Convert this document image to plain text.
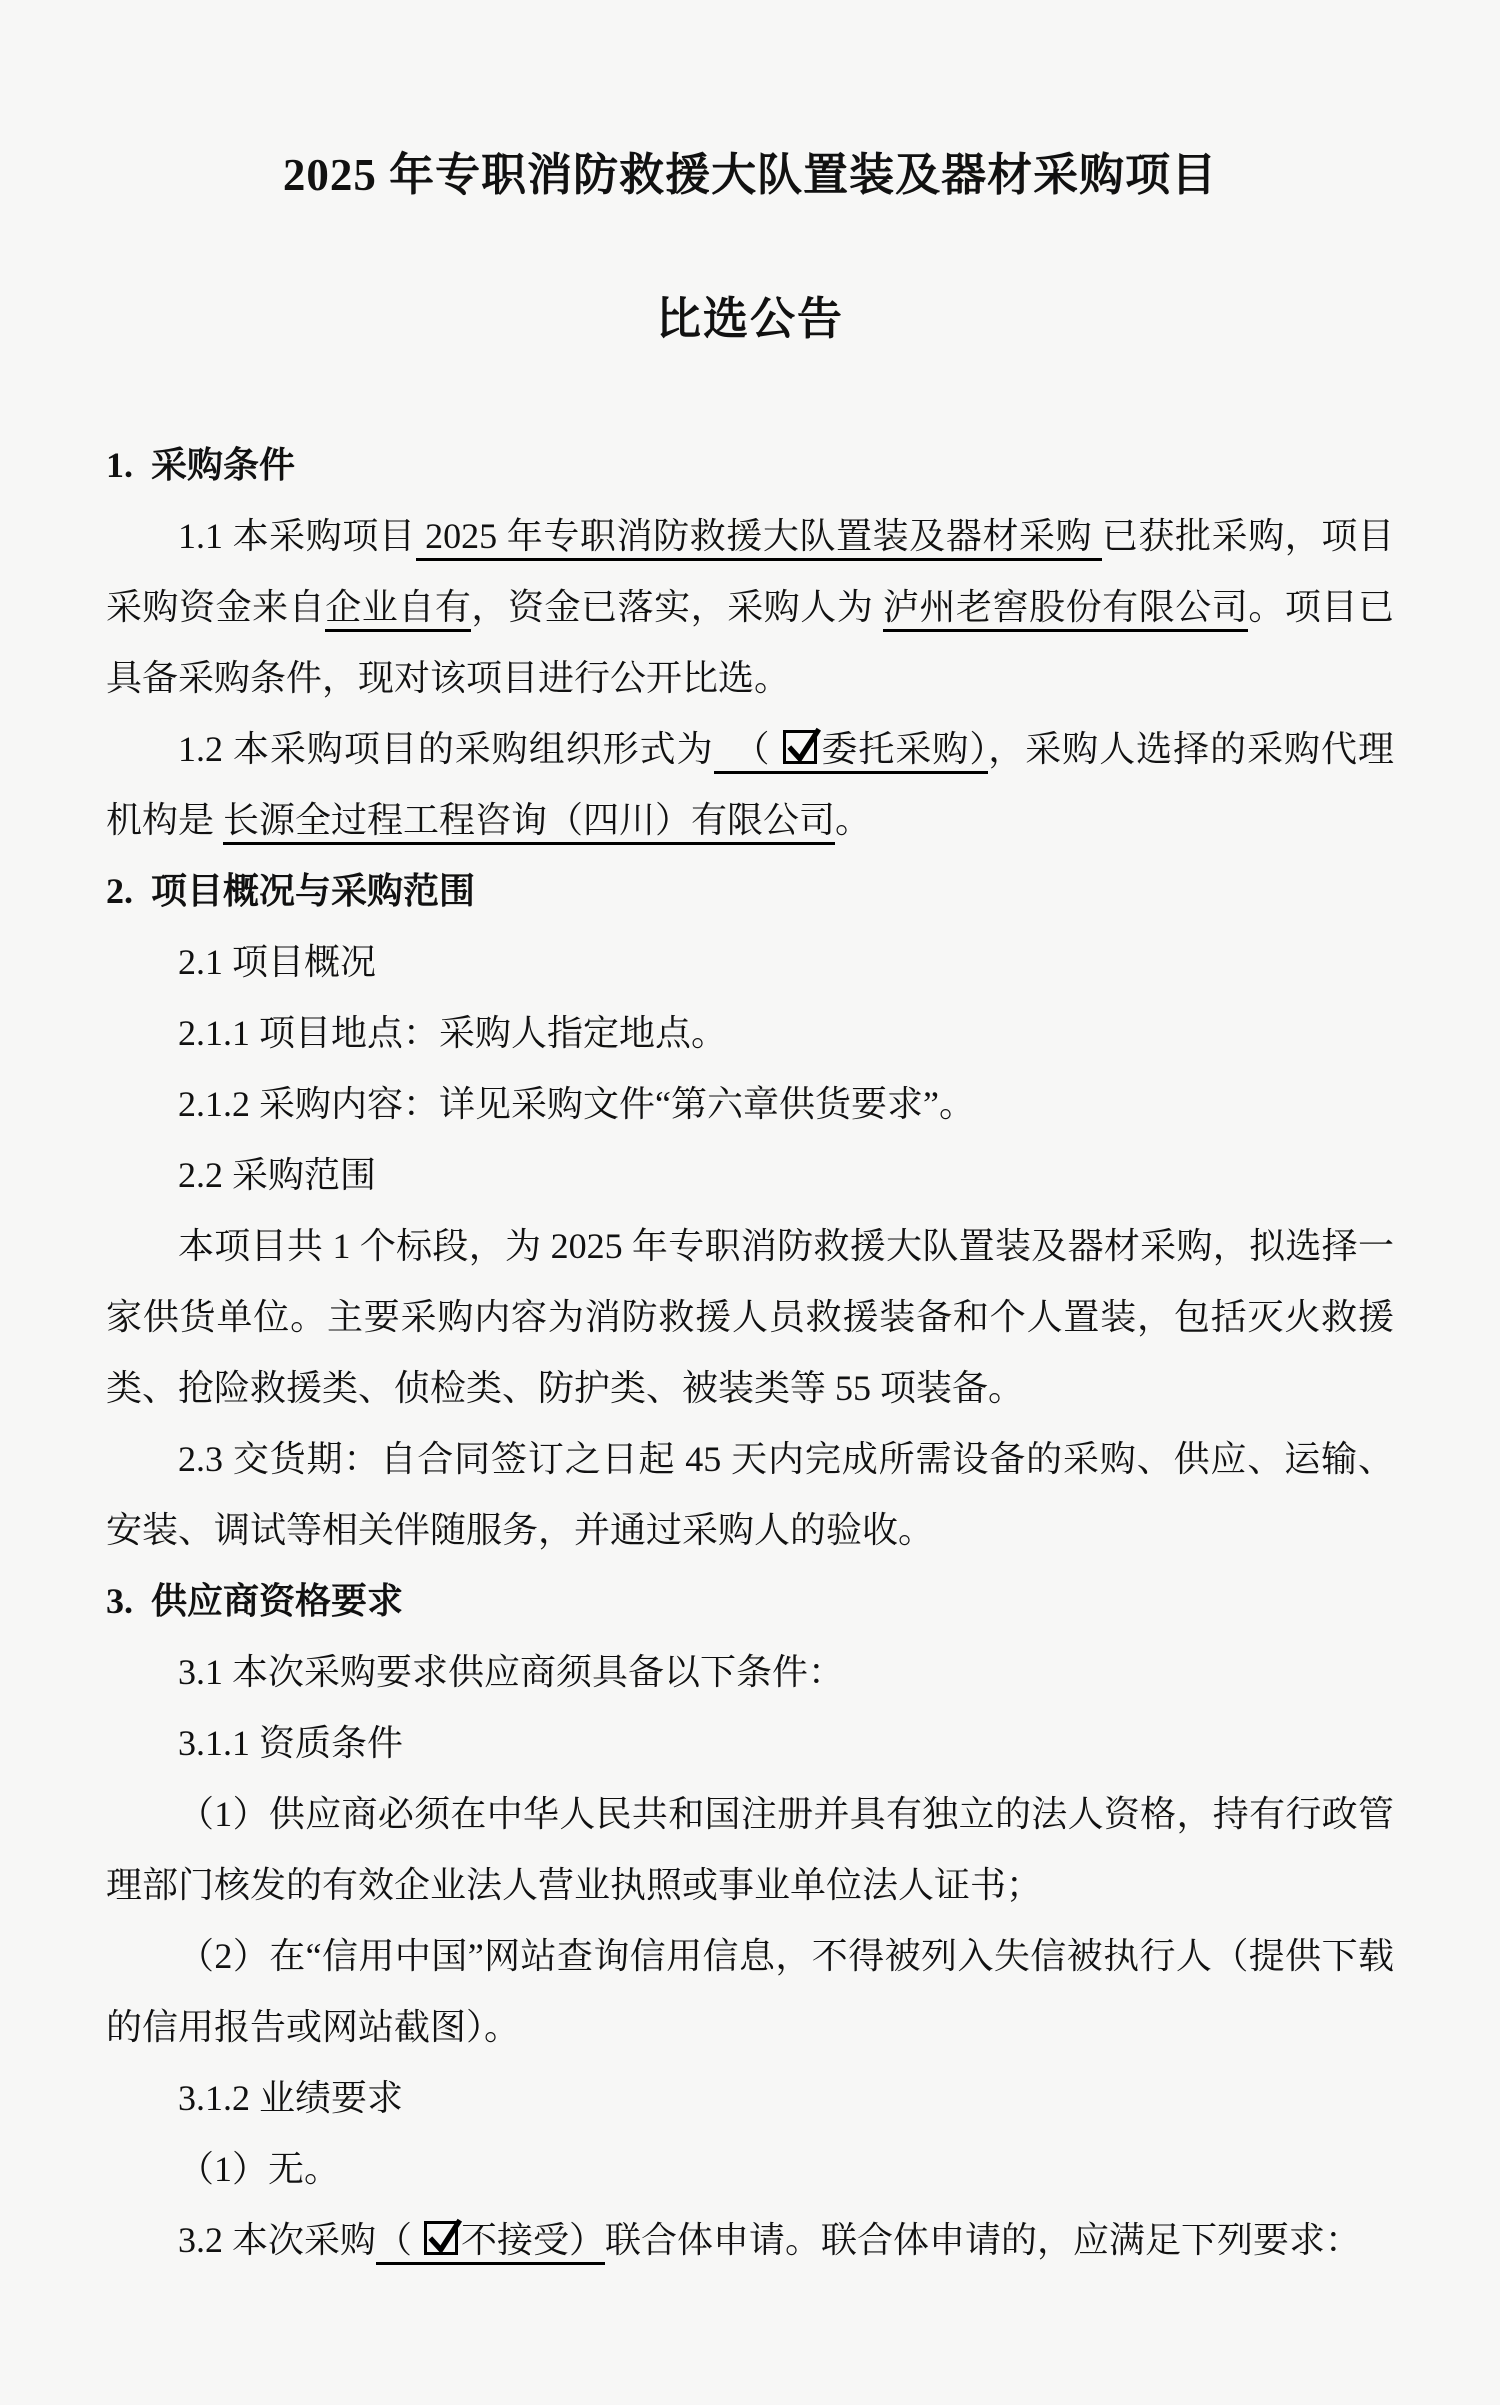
2025 年专职消防救援大队置装及器材采购项目
比选公告
1.  采购条件

1.1 本采购项目 2025 年专职消防救援大队置装及器材采购 已获批采购，项目采购资金来自企业自有，资金已落实，采购人为 泸州老窖股份有限公司。项目已具备采购条件，现对该项目进行公开比选。

1.2 本采购项目的采购组织形式为  （
委托采购），采购人选择的采购代理机构是 长源全过程工程咨询（四川）有限公司。

2.  项目概况与采购范围

2.1 项目概况

2.1.1 项目地点：采购人指定地点。

2.1.2 采购内容：详见采购文件“第六章供货要求”。

2.2 采购范围

本项目共 1 个标段，为 2025 年专职消防救援大队置装及器材采购，拟选择一家供货单位。主要采购内容为消防救援人员救援装备和个人置装，包括灭火救援类、抢险救援类、侦检类、防护类、被装类等 55 项装备。

2.3 交货期：自合同签订之日起 45 天内完成所需设备的采购、供应、运输、安装、调试等相关伴随服务，并通过采购人的验收。

3.  供应商资格要求

3.1 本次采购要求供应商须具备以下条件：

3.1.1 资质条件

（1）供应商必须在中华人民共和国注册并具有独立的法人资格，持有行政管理部门核发的有效企业法人营业执照或事业单位法人证书；

（2）在“信用中国”网站查询信用信息，不得被列入失信被执行人（提供下载的信用报告或网站截图）。

3.1.2 业绩要求

（1）无。

3.2 本次采购（
不接受）联合体申请。联合体申请的，应满足下列要求：
